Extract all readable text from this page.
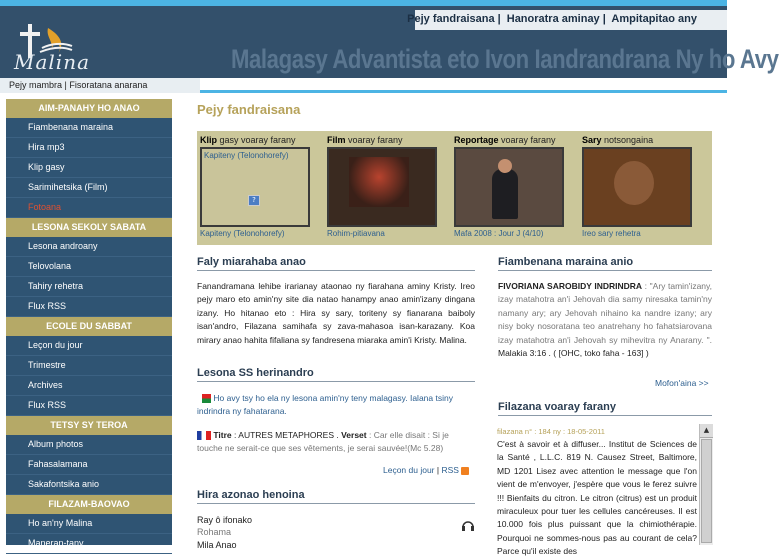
Malina
Pejy fandraisana | Hanoratra aminay | Ampitapitao any
Malagasy Advantista eto Ivon Iandrandrana Ny ho Avy
Pejy mambra | Fisoratana anarana
AIM-PANAHY HO ANAO
Fiambenana maraina
Hira mp3
Klip gasy
Sarimihetsika (Film)
Fotoana
LESONA SEKOLY SABATA
Lesona androany
Telovolana
Tahiry rehetra
Flux RSS
ECOLE DU SABBAT
Leçon du jour
Trimestre
Archives
Flux RSS
TETSY SY TEROA
Album photos
Fahasalamana
Sakafontsika anio
FILAZAM-BAOVAO
Ho an'ny Malina
Maneran-tany
Pejy fandraisana
Klip gasy voaray farany
Kapiteny (Telonohorefy)
?
Kapiteny (Telonohorefy)
Film voaray farany
Rohim-pitiavana
Reportage voaray farany
Mafa 2008 : Jour J (4/10)
Sary notsongaina
Ireo sary rehetra
Faly miarahaba anao
Fanandramana lehibe irarianay ataonao ny fiarahana aminy Kristy. Ireo pejy maro eto amin'ny site dia natao hanampy anao amin'izany dingana izany. Ho hitanao eto : Hira sy sary, toriteny sy fianarana baiboly isan'andro, Filazana samihafa sy zava-mahasoa isan-karazany. Koa mirary anao hahita fifaliana sy fandresena miaraka amin'i Kristy. Malina.
Lesona SS herinandro
Ho avy tsy ho ela ny lesona amin'ny teny malagasy. Ialana tsiny indrindra ny fahatarana.
Titre : AUTRES METAPHORES . Verset : Car elle disait : Si je touche ne serait-ce que ses vêtements, je serai sauvée!(Mc 5.28)
Leçon du jour | RSS
Hira azonao henoina
Ray ô ifonako
Rohama
Mila Anao
Fiambenana maraina anio
FIVORIANA SAROBIDY INDRINDRA : "Ary tamin'izany, izay matahotra an'i Jehovah dia samy niresaka tamin'ny namany ary; ary Jehovah nihaino ka nandre izany; ary nisy boky nosoratana teo anatrehany ho fahatsiarovana izay matahotra an'i Jehovah sy mihevitra ny Anarany. ". Malakia 3:16 . ( [OHC, toko faha - 163] )
Mofon'aina >>
Filazana voaray farany
filazana n° : 184 ny : 18-05-2011
C'est à savoir et à diffuser... Institut de Sciences de la Santé , L.L.C. 819 N. Causez Street, Baltimore, MD 1201 Lisez avec attention le message que l'on vient de m'envoyer, j'espère que vous le ferez suivre !!! Bienfaits du citron. Le citron (citrus) est un produit miraculeux pour tuer les cellules cancéreuses. Il est 10.000 fois plus puissant que la chimiothérapie. Pourquoi ne sommes-nous pas au courant de cela? Parce qu'il existe des
▲
